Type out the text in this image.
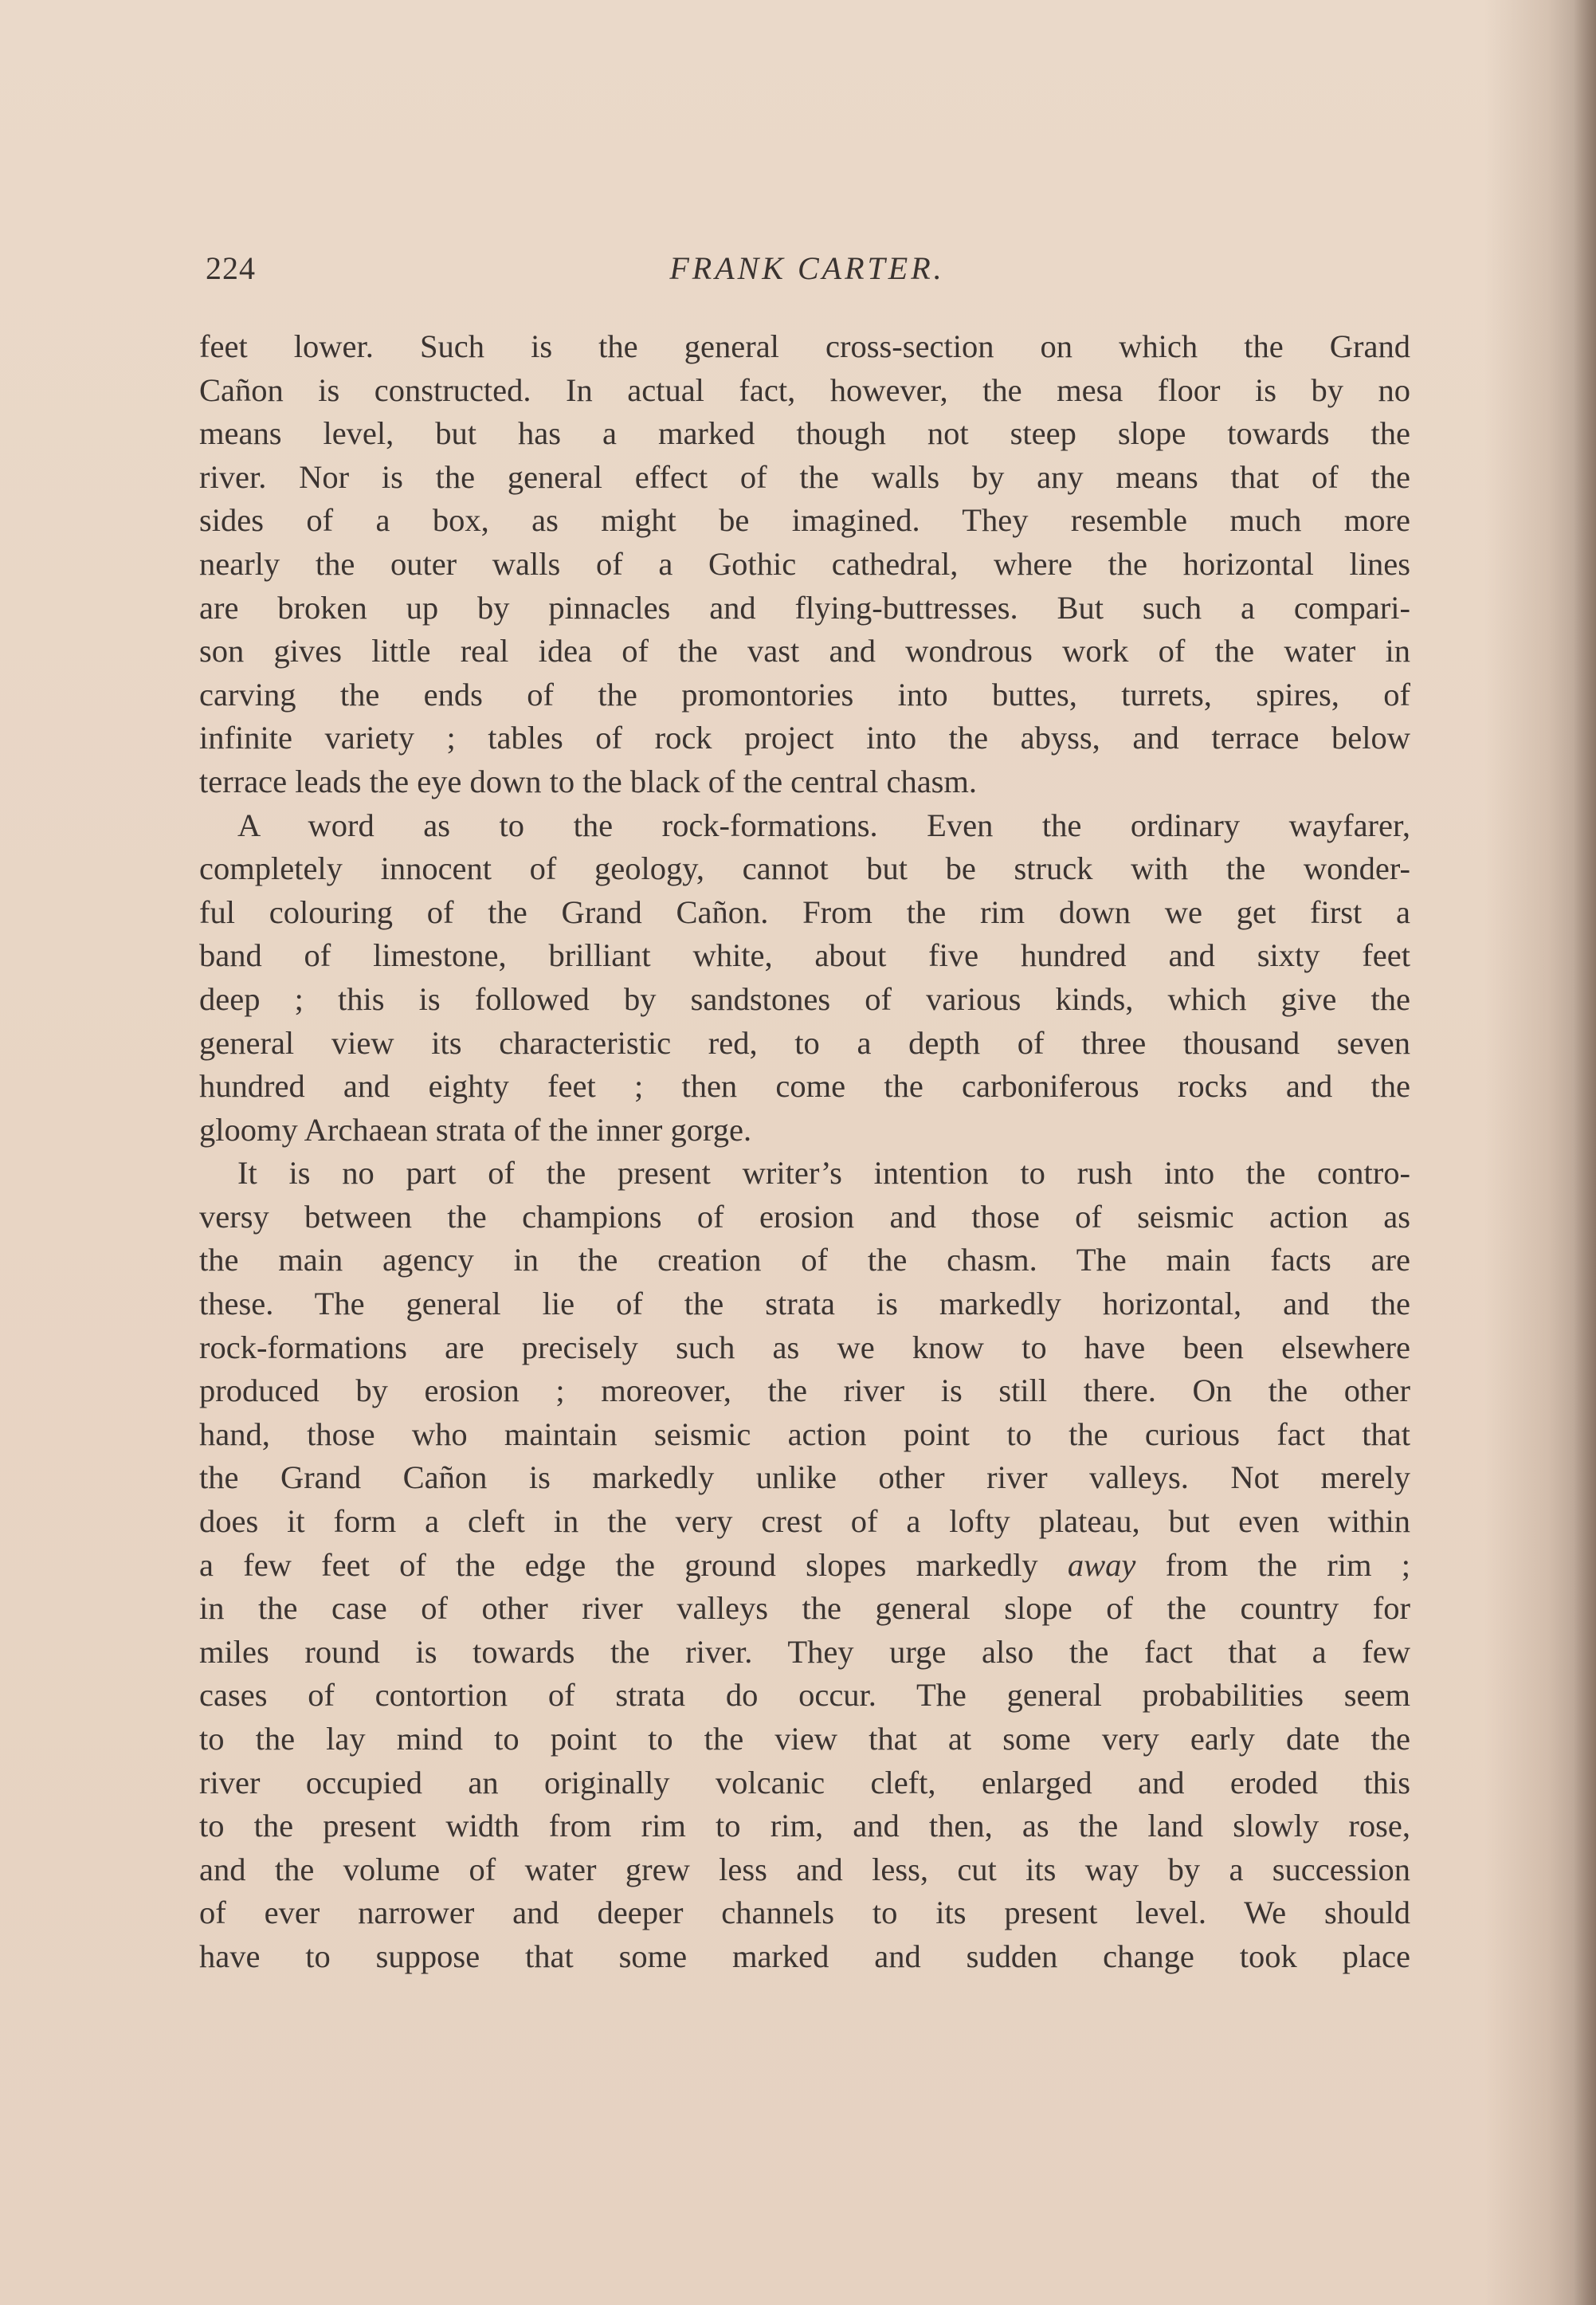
224	FRANK CARTER.
feet lower. Such is the general cross-section on which the Grand
Cañon is constructed. In actual fact, however, the mesa floor is by no
means level, but has a marked though not steep slope towards the
river. Nor is the general effect of the walls by any means that of the
sides of a box, as might be imagined. They resemble much more
nearly the outer walls of a Gothic cathedral, where the horizontal lines
are broken up by pinnacles and flying-buttresses. But such a compari-
son gives little real idea of the vast and wondrous work of the water in
carving the ends of the promontories into buttes, turrets, spires, of
infinite variety ; tables of rock project into the abyss, and terrace below
terrace leads the eye down to the black of the central chasm.
A word as to the rock-formations. Even the ordinary wayfarer,
completely innocent of geology, cannot but be struck with the wonder-
ful colouring of the Grand Cañon. From the rim down we get first a
band of limestone, brilliant white, about five hundred and sixty feet
deep ; this is followed by sandstones of various kinds, which give the
general view its characteristic red, to a depth of three thousand seven
hundred and eighty feet ; then come the carboniferous rocks and the
gloomy Archaean strata of the inner gorge.
It is no part of the present writer’s intention to rush into the contro-
versy between the champions of erosion and those of seismic action as
the main agency in the creation of the chasm. The main facts are
these. The general lie of the strata is markedly horizontal, and the
rock-formations are precisely such as we know to have been elsewhere
produced by erosion ; moreover, the river is still there. On the other
hand, those who maintain seismic action point to the curious fact that
the Grand Cañon is markedly unlike other river valleys. Not merely
does it form a cleft in the very crest of a lofty plateau, but even within
a few feet of the edge the ground slopes markedly away from the rim ;
in the case of other river valleys the general slope of the country for
miles round is towards the river. They urge also the fact that a few
cases of contortion of strata do occur. The general probabilities seem
to the lay mind to point to the view that at some very early date the
river occupied an originally volcanic cleft, enlarged and eroded this
to the present width from rim to rim, and then, as the land slowly rose,
and the volume of water grew less and less, cut its way by a succession
of ever narrower and deeper channels to its present level. We should
have to suppose that some marked and sudden change took place
